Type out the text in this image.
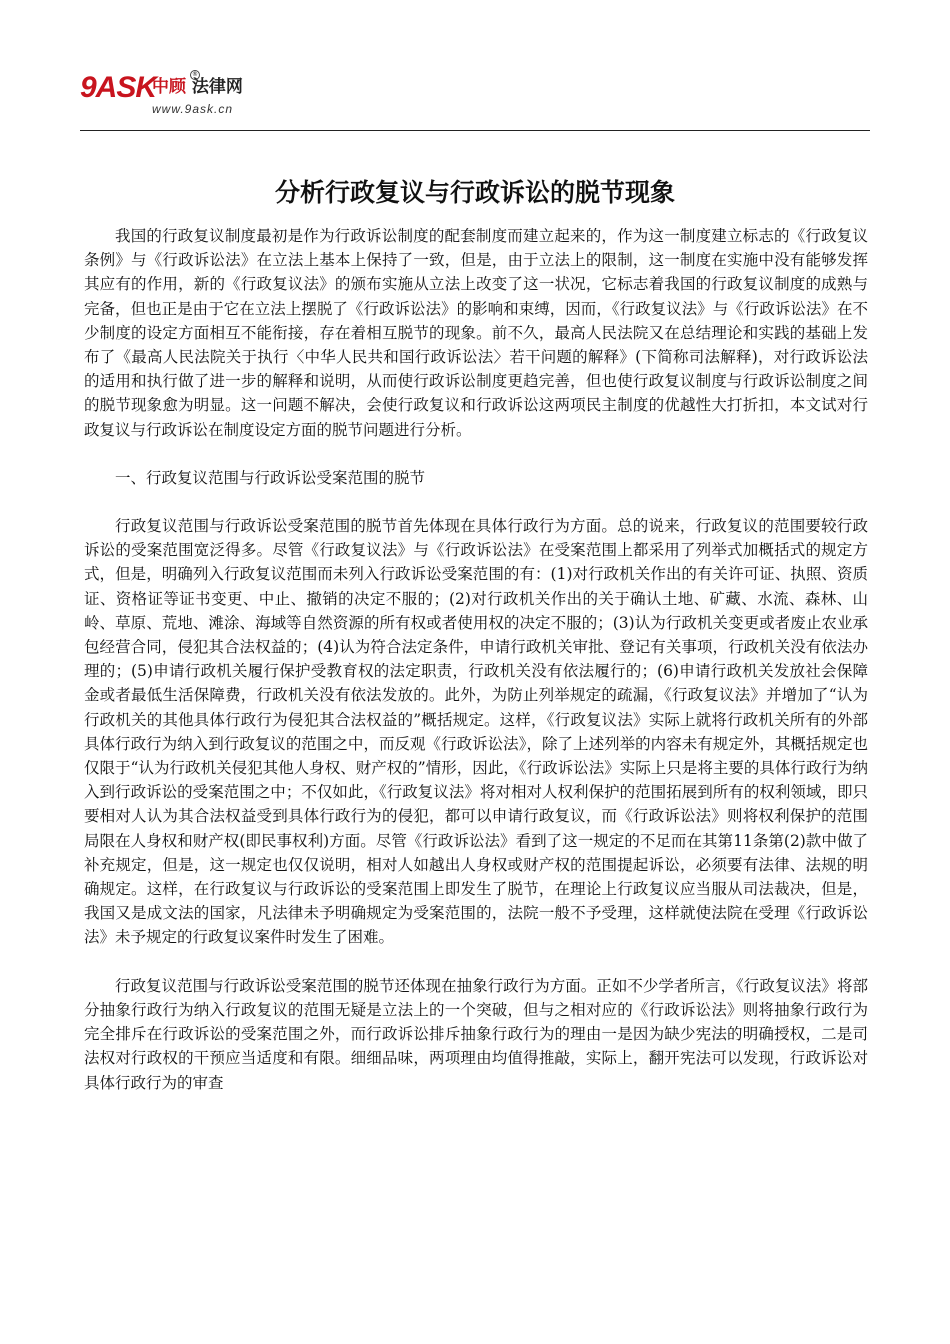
9ASK
中顾 法律网
®
www.9ask.cn
分析行政复议与行政诉讼的脱节现象

我国的行政复议制度最初是作为行政诉讼制度的配套制度而建立起来的，作为这一制度建立标志的《行政复议条例》与《行政诉讼法》在立法上基本上保持了一致，但是，由于立法上的限制，这一制度在实施中没有能够发挥其应有的作用，新的《行政复议法》的颁布实施从立法上改变了这一状况，它标志着我国的行政复议制度的成熟与完备，但也正是由于它在立法上摆脱了《行政诉讼法》的影响和束缚，因而，《行政复议法》与《行政诉讼法》在不少制度的设定方面相互不能衔接，存在着相互脱节的现象。前不久，最高人民法院又在总结理论和实践的基础上发布了《最高人民法院关于执行〈中华人民共和国行政诉讼法〉若干问题的解释》(下简称司法解释)，对行政诉讼法的适用和执行做了进一步的解释和说明，从而使行政诉讼制度更趋完善，但也使行政复议制度与行政诉讼制度之间的脱节现象愈为明显。这一问题不解决，会使行政复议和行政诉讼这两项民主制度的优越性大打折扣，本文试对行政复议与行政诉讼在制度设定方面的脱节问题进行分析。

一、行政复议范围与行政诉讼受案范围的脱节

行政复议范围与行政诉讼受案范围的脱节首先体现在具体行政行为方面。总的说来，行政复议的范围要较行政诉讼的受案范围宽泛得多。尽管《行政复议法》与《行政诉讼法》在受案范围上都采用了列举式加概括式的规定方式，但是，明确列入行政复议范围而未列入行政诉讼受案范围的有：(1)对行政机关作出的有关许可证、执照、资质证、资格证等证书变更、中止、撤销的决定不服的；(2)对行政机关作出的关于确认土地、矿藏、水流、森林、山岭、草原、荒地、滩涂、海域等自然资源的所有权或者使用权的决定不服的；(3)认为行政机关变更或者废止农业承包经营合同，侵犯其合法权益的；(4)认为符合法定条件，申请行政机关审批、登记有关事项，行政机关没有依法办理的；(5)申请行政机关履行保护受教育权的法定职责，行政机关没有依法履行的；(6)申请行政机关发放社会保障金或者最低生活保障费，行政机关没有依法发放的。此外，为防止列举规定的疏漏，《行政复议法》并增加了“认为行政机关的其他具体行政行为侵犯其合法权益的”概括规定。这样，《行政复议法》实际上就将行政机关所有的外部具体行政行为纳入到行政复议的范围之中，而反观《行政诉讼法》，除了上述列举的内容未有规定外，其概括规定也仅限于“认为行政机关侵犯其他人身权、财产权的”情形，因此，《行政诉讼法》实际上只是将主要的具体行政行为纳入到行政诉讼的受案范围之中；不仅如此，《行政复议法》将对相对人权利保护的范围拓展到所有的权利领域，即只要相对人认为其合法权益受到具体行政行为的侵犯，都可以申请行政复议，而《行政诉讼法》则将权利保护的范围局限在人身权和财产权(即民事权利)方面。尽管《行政诉讼法》看到了这一规定的不足而在其第11条第(2)款中做了补充规定，但是，这一规定也仅仅说明，相对人如越出人身权或财产权的范围提起诉讼，必须要有法律、法规的明确规定。这样，在行政复议与行政诉讼的受案范围上即发生了脱节，在理论上行政复议应当服从司法裁决，但是，我国又是成文法的国家，凡法律未予明确规定为受案范围的，法院一般不予受理，这样就使法院在受理《行政诉讼法》未予规定的行政复议案件时发生了困难。

行政复议范围与行政诉讼受案范围的脱节还体现在抽象行政行为方面。正如不少学者所言，《行政复议法》将部分抽象行政行为纳入行政复议的范围无疑是立法上的一个突破，但与之相对应的《行政诉讼法》则将抽象行政行为完全排斥在行政诉讼的受案范围之外，而行政诉讼排斥抽象行政行为的理由一是因为缺少宪法的明确授权，二是司法权对行政权的干预应当适度和有限。细细品味，两项理由均值得推敲，实际上，翻开宪法可以发现，行政诉讼对具体行政行为的审查
